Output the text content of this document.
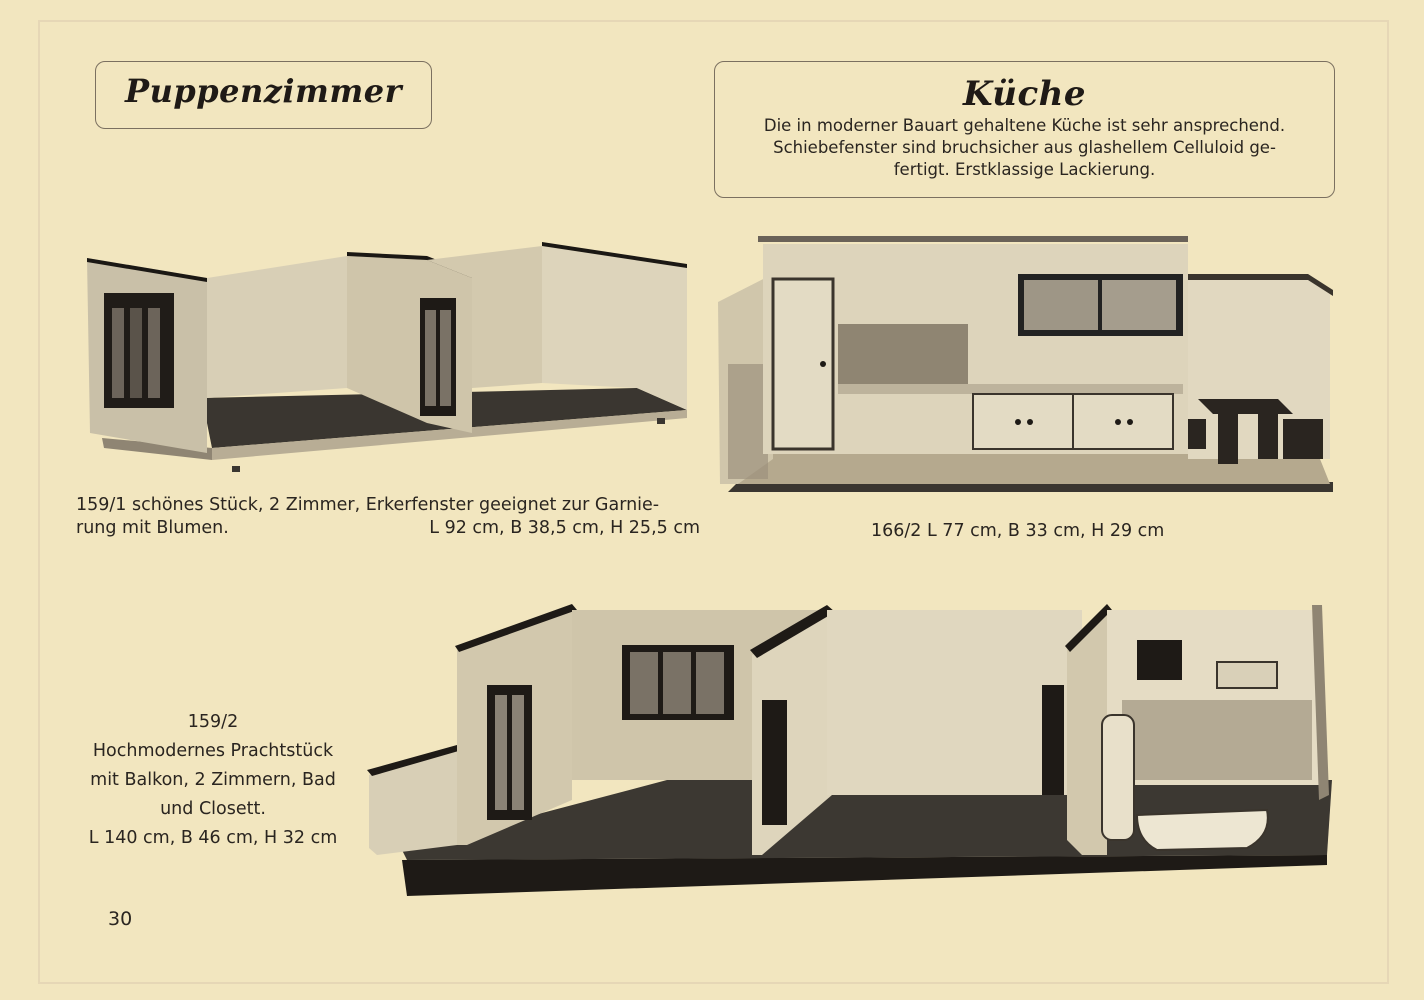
Puppenzimmer	Küche
Die in moderner Bauart gehaltene Küche ist sehr ansprechend.
Schiebefenster sind bruchsicher aus glashellem Celluloid ge-
fertigt. Erstklassige Lackierung.
159/1 schönes Stück, 2 Zimmer, Erkerfenster geeignet zur Garnie-
rung mit Blumen.	L 92 cm, B 38,5 cm, H 25,5 cm	166/2 L 77 cm, B 33 cm, H 29 cm
159/2
Hochmodernes Prachtstück
mit Balkon, 2 Zimmern, Bad
und Closett.
L 140 cm, B 46 cm, H 32 cm
30
